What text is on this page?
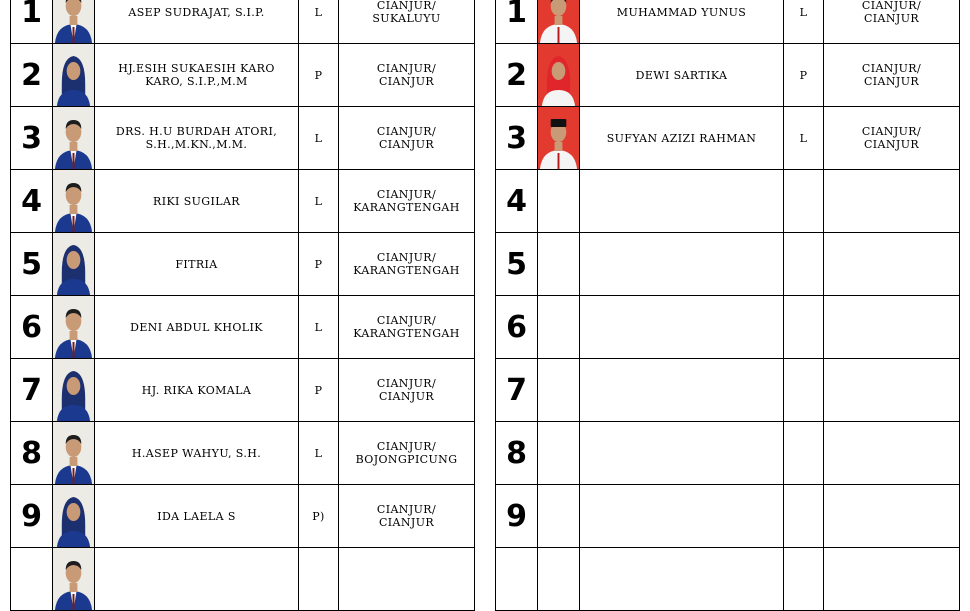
1		ASEP SUDRAJAT, S.I.P.	L	CIANJUR/
SUKALUYU

2		HJ.ESIH SUKAESIH KARO KARO, S.I.P.,M.M	P	CIANJUR/
CIANJUR

3		DRS. H.U BURDAH ATORI, S.H.,M.KN.,M.M.	L	CIANJUR/
CIANJUR

4		RIKI SUGILAR	L	CIANJUR/
KARANGTENGAH

5		FITRIA	P	CIANJUR/
KARANGTENGAH

6		DENI ABDUL KHOLIK	L	CIANJUR/
KARANGTENGAH

7		HJ. RIKA KOMALA	P	CIANJUR/
CIANJUR

8		H.ASEP WAHYU, S.H.	L	CIANJUR/
BOJONGPICUNG

9		IDA LAELA S	P)	CIANJUR/
CIANJUR

1		MUHAMMAD YUNUS	L	CIANJUR/
CIANJUR

2		DEWI SARTIKA	P	CIANJUR/
CIANJUR

3		SUFYAN AZIZI RAHMAN	L	CIANJUR/
CIANJUR

4				

5				

6				

7				

8				

9				
